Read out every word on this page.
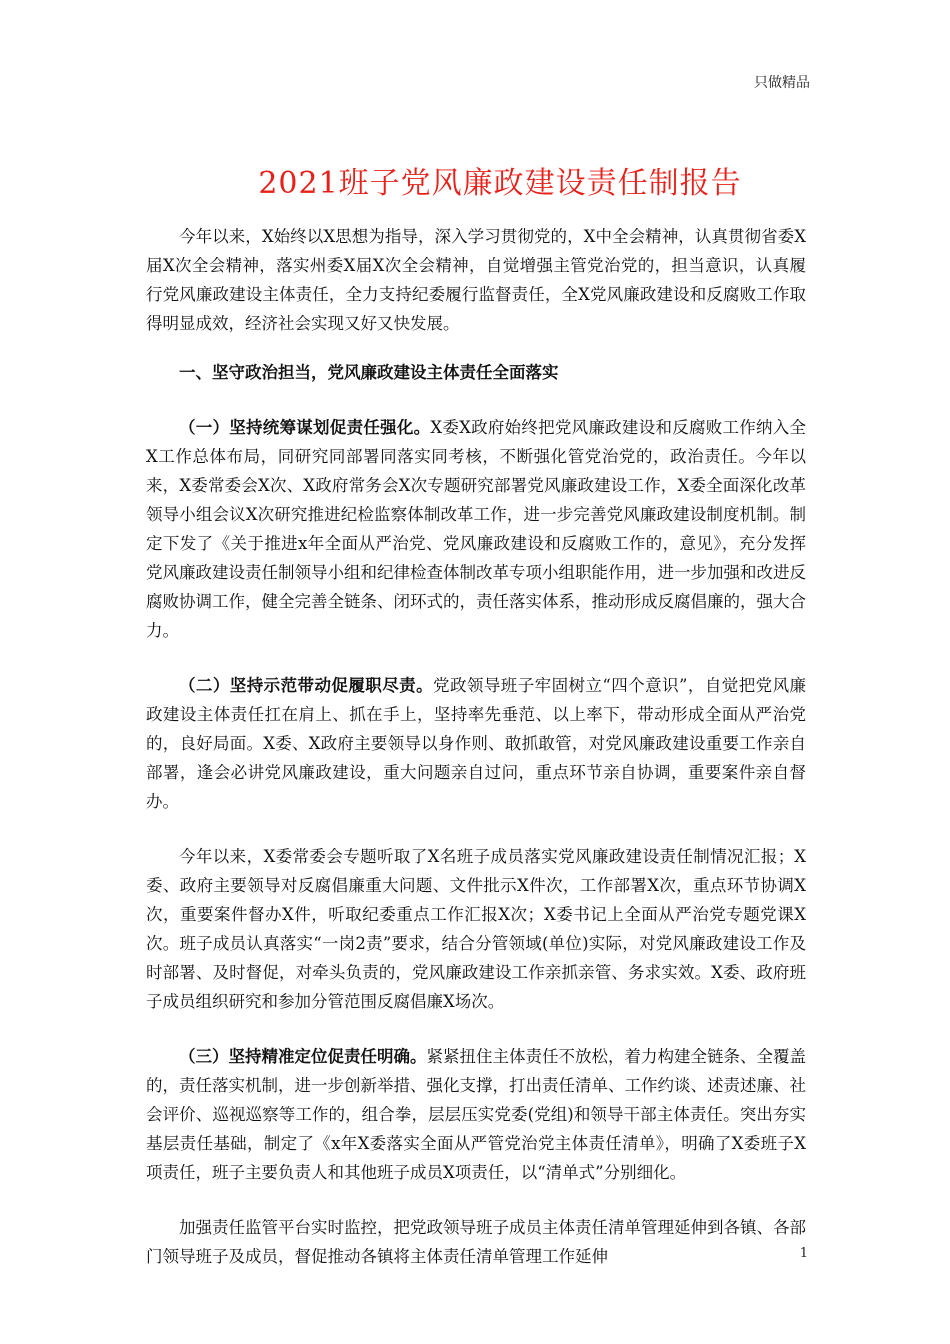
只做精品
2021班子党风廉政建设责任制报告

今年以来，X始终以X思想为指导，深入学习贯彻党的，X中全会精神，认真贯彻省委X届X次全会精神，落实州委X届X次全会精神，自觉增强主管党治党的，担当意识，认真履行党风廉政建设主体责任，全力支持纪委履行监督责任，全X党风廉政建设和反腐败工作取得明显成效，经济社会实现又好又快发展。

一、坚守政治担当，党风廉政建设主体责任全面落实

（一）坚持统筹谋划促责任强化。X委X政府始终把党风廉政建设和反腐败工作纳入全X工作总体布局，同研究同部署同落实同考核，不断强化管党治党的，政治责任。今年以来，X委常委会X次、X政府常务会X次专题研究部署党风廉政建设工作，X委全面深化改革领导小组会议X次研究推进纪检监察体制改革工作，进一步完善党风廉政建设制度机制。制定下发了《关于推进x年全面从严治党、党风廉政建设和反腐败工作的，意见》，充分发挥党风廉政建设责任制领导小组和纪律检查体制改革专项小组职能作用，进一步加强和改进反腐败协调工作，健全完善全链条、闭环式的，责任落实体系，推动形成反腐倡廉的，强大合力。

（二）坚持示范带动促履职尽责。党政领导班子牢固树立“四个意识”，自觉把党风廉政建设主体责任扛在肩上、抓在手上，坚持率先垂范、以上率下，带动形成全面从严治党的，良好局面。X委、X政府主要领导以身作则、敢抓敢管，对党风廉政建设重要工作亲自部署，逢会必讲党风廉政建设，重大问题亲自过问，重点环节亲自协调，重要案件亲自督办。

今年以来，X委常委会专题听取了X名班子成员落实党风廉政建设责任制情况汇报；X委、政府主要领导对反腐倡廉重大问题、文件批示X件次，工作部署X次，重点环节协调X次，重要案件督办X件，听取纪委重点工作汇报X次；X委书记上全面从严治党专题党课X次。班子成员认真落实“一岗2责”要求，结合分管领域(单位)实际，对党风廉政建设工作及时部署、及时督促，对牵头负责的，党风廉政建设工作亲抓亲管、务求实效。X委、政府班子成员组织研究和参加分管范围反腐倡廉X场次。

（三）坚持精准定位促责任明确。紧紧扭住主体责任不放松，着力构建全链条、全覆盖的，责任落实机制，进一步创新举措、强化支撑，打出责任清单、工作约谈、述责述廉、社会评价、巡视巡察等工作的，组合拳，层层压实党委(党组)和领导干部主体责任。突出夯实基层责任基础，制定了《x年X委落实全面从严管党治党主体责任清单》，明确了X委班子X项责任，班子主要负责人和其他班子成员X项责任，以“清单式”分别细化。

加强责任监管平台实时监控，把党政领导班子成员主体责任清单管理延伸到各镇、各部门领导班子及成员，督促推动各镇将主体责任清单管理工作延伸	1
